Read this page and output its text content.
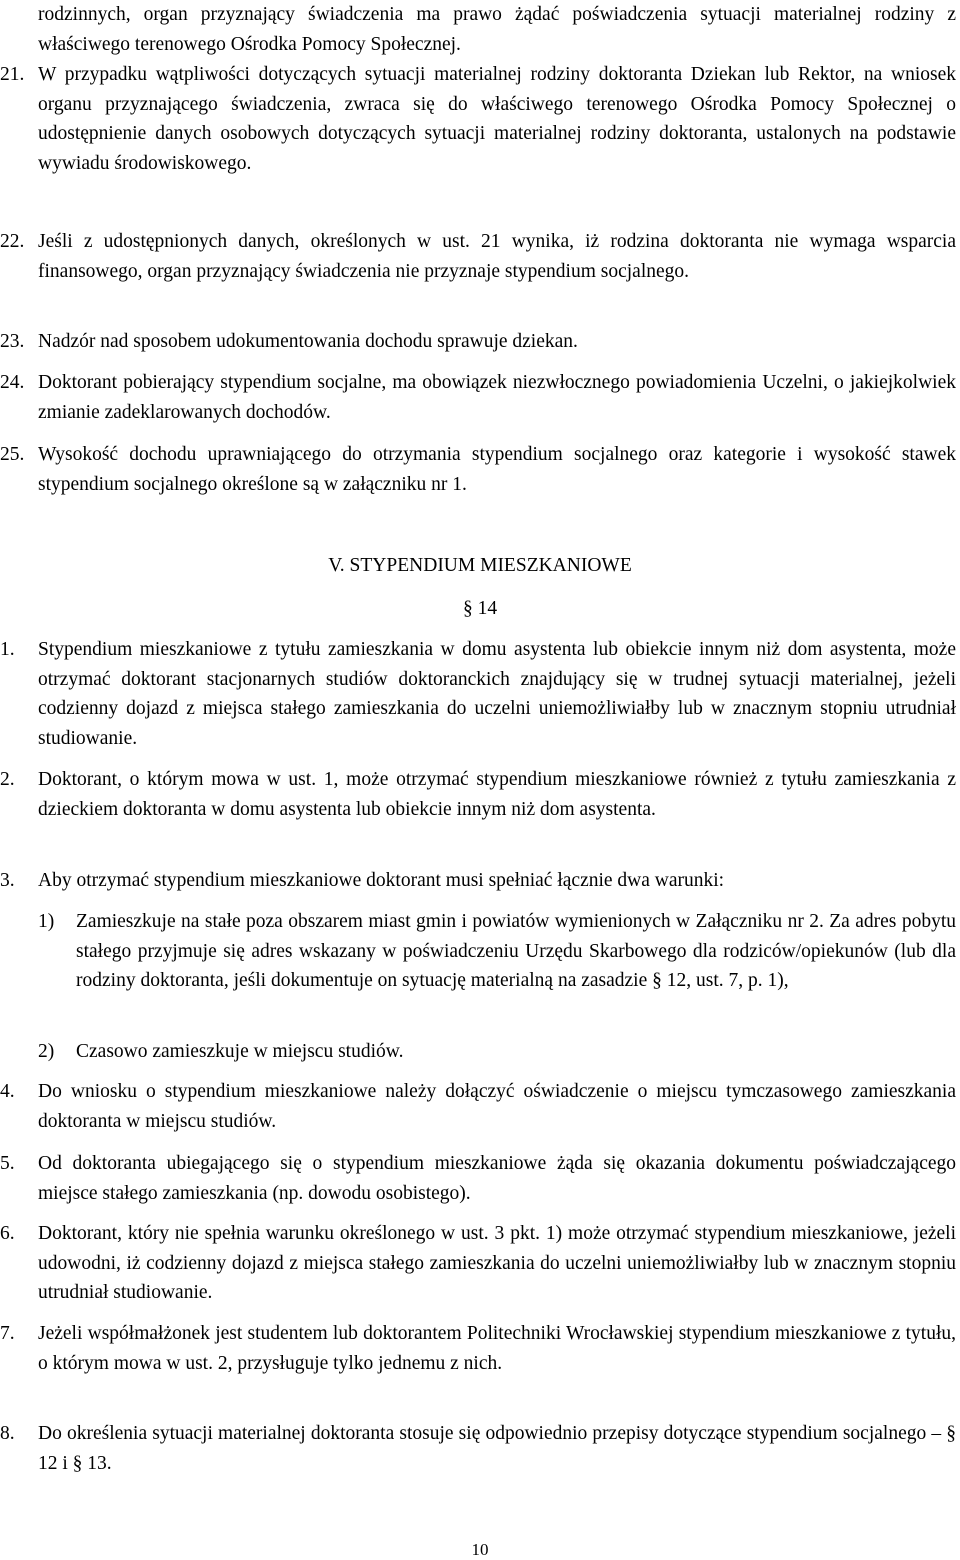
rodzinnych, organ przyznający świadczenia ma prawo żądać poświadczenia sytuacji materialnej rodziny z właściwego terenowego Ośrodka Pomocy Społecznej.
21. W przypadku wątpliwości dotyczących sytuacji materialnej rodziny doktoranta Dziekan lub Rektor, na wniosek organu przyznającego świadczenia, zwraca się do właściwego terenowego Ośrodka Pomocy Społecznej o udostępnienie danych osobowych dotyczących sytuacji materialnej rodziny doktoranta, ustalonych na podstawie wywiadu środowiskowego.
22. Jeśli z udostępnionych danych, określonych w ust. 21 wynika, iż rodzina doktoranta nie wymaga wsparcia finansowego, organ przyznający świadczenia nie przyznaje stypendium socjalnego.
23. Nadzór nad sposobem udokumentowania dochodu sprawuje dziekan.
24. Doktorant pobierający stypendium socjalne, ma obowiązek niezwłocznego powiadomienia Uczelni, o jakiejkolwiek zmianie zadeklarowanych dochodów.
25. Wysokość dochodu uprawniającego do otrzymania stypendium socjalnego oraz kategorie i wysokość stawek stypendium socjalnego określone są w załączniku nr 1.
V. STYPENDIUM MIESZKANIOWE
§ 14
1. Stypendium mieszkaniowe z tytułu zamieszkania w domu asystenta lub obiekcie innym niż dom asystenta, może otrzymać doktorant stacjonarnych studiów doktoranckich znajdujący się w trudnej sytuacji materialnej, jeżeli codzienny dojazd z miejsca stałego zamieszkania do uczelni uniemożliwiałby lub w znacznym stopniu utrudniał studiowanie.
2. Doktorant, o którym mowa w ust. 1, może otrzymać stypendium mieszkaniowe również z tytułu zamieszkania z dzieckiem doktoranta w domu asystenta lub obiekcie innym niż dom asystenta.
3. Aby otrzymać stypendium mieszkaniowe doktorant musi spełniać łącznie dwa warunki:
1) Zamieszkuje na stałe poza obszarem miast gmin i powiatów wymienionych w Załączniku nr 2. Za adres pobytu stałego przyjmuje się adres wskazany w poświadczeniu Urzędu Skarbowego dla rodziców/opiekunów (lub dla rodziny doktoranta, jeśli dokumentuje on sytuację materialną na zasadzie § 12, ust. 7, p. 1),
2) Czasowo zamieszkuje w miejscu studiów.
4. Do wniosku o stypendium mieszkaniowe należy dołączyć oświadczenie o miejscu tymczasowego zamieszkania doktoranta w miejscu studiów.
5. Od doktoranta ubiegającego się o stypendium mieszkaniowe żąda się okazania dokumentu poświadczającego miejsce stałego zamieszkania (np. dowodu osobistego).
6. Doktorant, który nie spełnia warunku określonego w ust. 3 pkt. 1) może otrzymać stypendium mieszkaniowe, jeżeli udowodni, iż codzienny dojazd z miejsca stałego zamieszkania do uczelni uniemożliwiałby lub w znacznym stopniu utrudniał studiowanie.
7. Jeżeli współmałżonek jest studentem lub doktorantem Politechniki Wrocławskiej stypendium mieszkaniowe z tytułu, o którym mowa w ust. 2, przysługuje tylko jednemu z nich.
8. Do określenia sytuacji materialnej doktoranta stosuje się odpowiednio przepisy dotyczące stypendium socjalnego – § 12 i § 13.
10
